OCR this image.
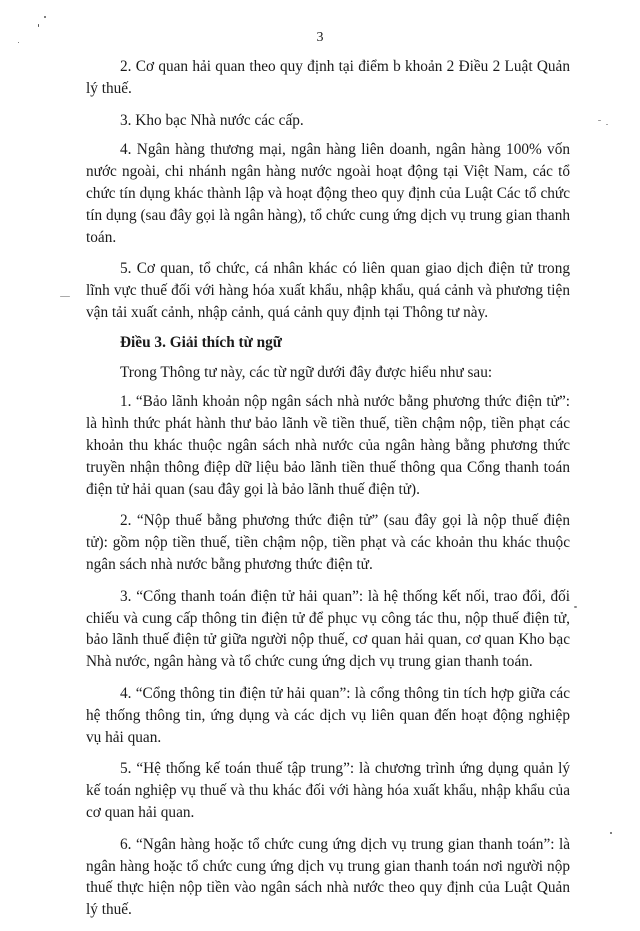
3

2. Cơ quan hải quan theo quy định tại điểm b khoản 2 Điều 2 Luật Quản lý thuế.

3. Kho bạc Nhà nước các cấp.

4. Ngân hàng thương mại, ngân hàng liên doanh, ngân hàng 100% vốn nước ngoài, chi nhánh ngân hàng nước ngoài hoạt động tại Việt Nam, các tổ chức tín dụng khác thành lập và hoạt động theo quy định của Luật Các tổ chức tín dụng (sau đây gọi là ngân hàng), tổ chức cung ứng dịch vụ trung gian thanh toán.

5. Cơ quan, tổ chức, cá nhân khác có liên quan giao dịch điện tử trong lĩnh vực thuế đối với hàng hóa xuất khẩu, nhập khẩu, quá cảnh và phương tiện vận tải xuất cảnh, nhập cảnh, quá cảnh quy định tại Thông tư này.

Điều 3. Giải thích từ ngữ

Trong Thông tư này, các từ ngữ dưới đây được hiểu như sau:

1. “Bảo lãnh khoản nộp ngân sách nhà nước bằng phương thức điện tử”: là hình thức phát hành thư bảo lãnh về tiền thuế, tiền chậm nộp, tiền phạt các khoản thu khác thuộc ngân sách nhà nước của ngân hàng bằng phương thức truyền nhận thông điệp dữ liệu bảo lãnh tiền thuế thông qua Cổng thanh toán điện tử hải quan (sau đây gọi là bảo lãnh thuế điện tử).

2. “Nộp thuế bằng phương thức điện tử” (sau đây gọi là nộp thuế điện tử): gồm nộp tiền thuế, tiền chậm nộp, tiền phạt và các khoản thu khác thuộc ngân sách nhà nước bằng phương thức điện tử.

3. “Cổng thanh toán điện tử hải quan”: là hệ thống kết nối, trao đổi, đối chiếu và cung cấp thông tin điện tử để phục vụ công tác thu, nộp thuế điện tử, bảo lãnh thuế điện tử giữa người nộp thuế, cơ quan hải quan, cơ quan Kho bạc Nhà nước, ngân hàng và tổ chức cung ứng dịch vụ trung gian thanh toán.

4. “Cổng thông tin điện tử hải quan”: là cổng thông tin tích hợp giữa các hệ thống thông tin, ứng dụng và các dịch vụ liên quan đến hoạt động nghiệp vụ hải quan.

5. “Hệ thống kế toán thuế tập trung”: là chương trình ứng dụng quản lý kế toán nghiệp vụ thuế và thu khác đối với hàng hóa xuất khẩu, nhập khẩu của cơ quan hải quan.

6. “Ngân hàng hoặc tổ chức cung ứng dịch vụ trung gian thanh toán”: là ngân hàng hoặc tổ chức cung ứng dịch vụ trung gian thanh toán nơi người nộp thuế thực hiện nộp tiền vào ngân sách nhà nước theo quy định của Luật Quản lý thuế.
